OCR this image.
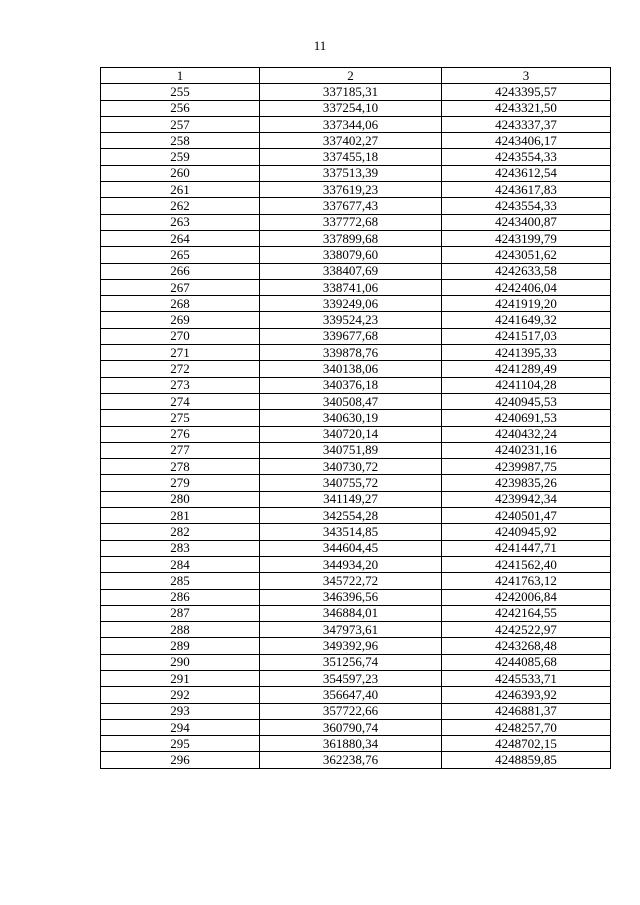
11
1	2	3
255	337185,31	4243395,57
256	337254,10	4243321,50
257	337344,06	4243337,37
258	337402,27	4243406,17
259	337455,18	4243554,33
260	337513,39	4243612,54
261	337619,23	4243617,83
262	337677,43	4243554,33
263	337772,68	4243400,87
264	337899,68	4243199,79
265	338079,60	4243051,62
266	338407,69	4242633,58
267	338741,06	4242406,04
268	339249,06	4241919,20
269	339524,23	4241649,32
270	339677,68	4241517,03
271	339878,76	4241395,33
272	340138,06	4241289,49
273	340376,18	4241104,28
274	340508,47	4240945,53
275	340630,19	4240691,53
276	340720,14	4240432,24
277	340751,89	4240231,16
278	340730,72	4239987,75
279	340755,72	4239835,26
280	341149,27	4239942,34
281	342554,28	4240501,47
282	343514,85	4240945,92
283	344604,45	4241447,71
284	344934,20	4241562,40
285	345722,72	4241763,12
286	346396,56	4242006,84
287	346884,01	4242164,55
288	347973,61	4242522,97
289	349392,96	4243268,48
290	351256,74	4244085,68
291	354597,23	4245533,71
292	356647,40	4246393,92
293	357722,66	4246881,37
294	360790,74	4248257,70
295	361880,34	4248702,15
296	362238,76	4248859,85
